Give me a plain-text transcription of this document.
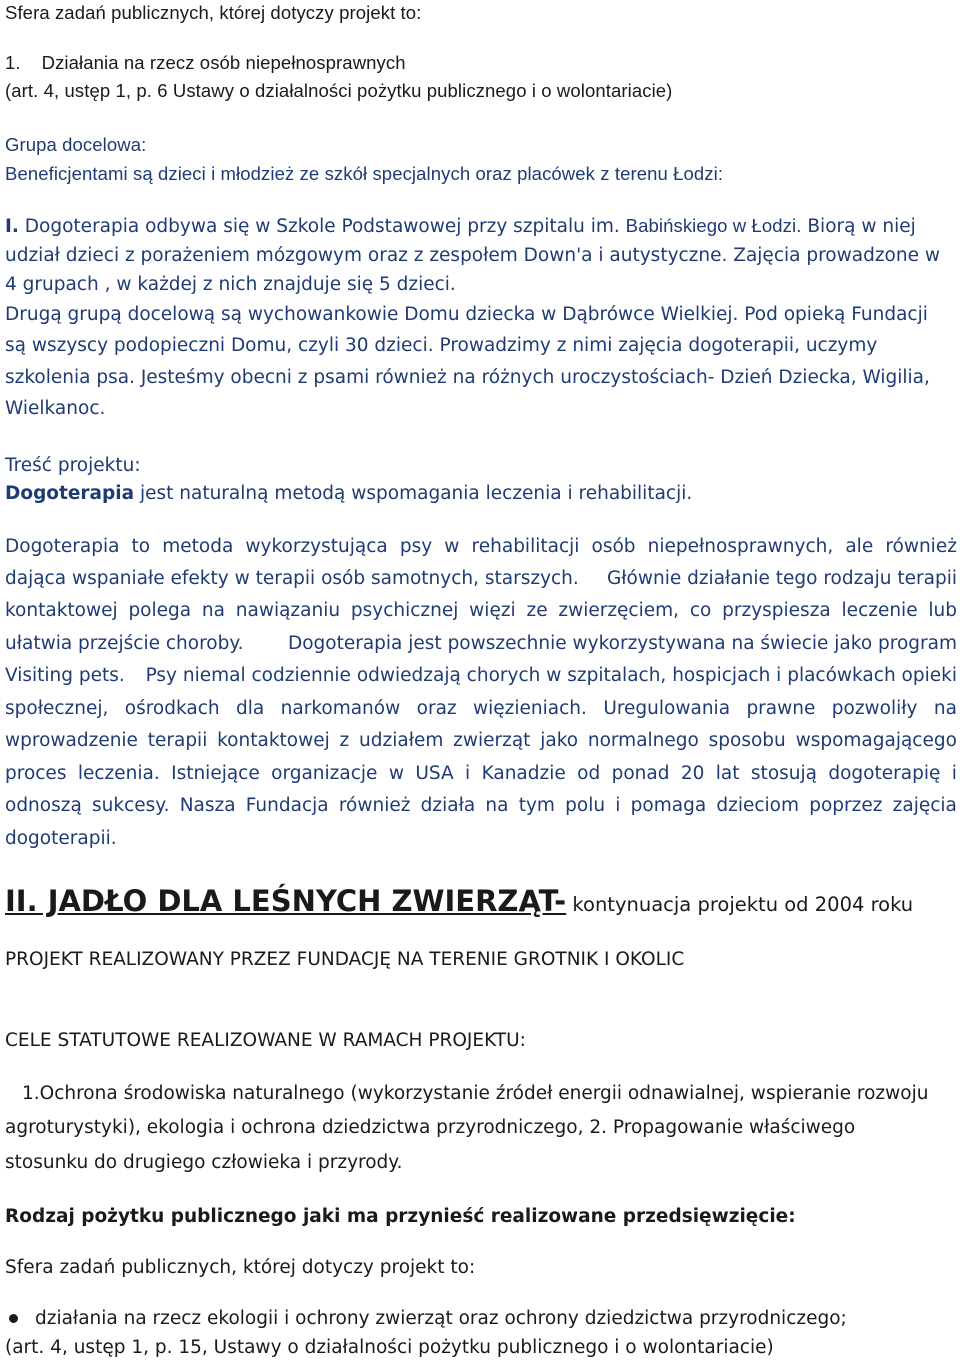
Sfera zadań publicznych, której dotyczy projekt to:
1. Działania na rzecz osób niepełnosprawnych
(art. 4, ustęp 1, p. 6 Ustawy o działalności pożytku publicznego i o wolontariacie)
Grupa docelowa:
Beneficjentami są dzieci i młodzież ze szkół specjalnych oraz placówek z terenu Łodzi:
I. Dogoterapia odbywa się w Szkole Podstawowej przy szpitalu im. Babińskiego w Łodzi. Biorą w niej
udział dzieci z porażeniem mózgowym oraz z zespołem Down'a i autystyczne. Zajęcia prowadzone w
4 grupach , w każdej z nich znajduje się 5 dzieci.
Drugą grupą docelową są wychowankowie Domu dziecka w Dąbrówce Wielkiej. Pod opieką Fundacji
są wszyscy podopieczni Domu, czyli 30 dzieci. Prowadzimy z nimi zajęcia dogoterapii, uczymy
szkolenia psa. Jesteśmy obecni z psami również na różnych uroczystościach- Dzień Dziecka, Wigilia,
Wielkanoc.
Treść projektu:
Dogoterapia jest naturalną metodą wspomagania leczenia i rehabilitacji.
Dogoterapia to metoda wykorzystująca psy w rehabilitacji osób niepełnosprawnych, ale również
dająca wspaniałe efekty w terapii osób samotnych, starszych. Głównie działanie tego rodzaju terapii
kontaktowej polega na nawiązaniu psychicznej więzi ze zwierzęciem, co przyspiesza leczenie lub
ułatwia przejście choroby. Dogoterapia jest powszechnie wykorzystywana na świecie jako program
Visiting pets. Psy niemal codziennie odwiedzają chorych w szpitalach, hospicjach i placówkach opieki
społecznej, ośrodkach dla narkomanów oraz więzieniach. Uregulowania prawne pozwoliły na
wprowadzenie terapii kontaktowej z udziałem zwierząt jako normalnego sposobu wspomagającego
proces leczenia. Istniejące organizacje w USA i Kanadzie od ponad 20 lat stosują dogoterapię i
odnoszą sukcesy. Nasza Fundacja również działa na tym polu i pomaga dzieciom poprzez zajęcia
dogoterapii.
II. JADŁO DLA LEŚNYCH ZWIERZĄT- kontynuacja projektu od 2004 roku
PROJEKT REALIZOWANY PRZEZ FUNDACJĘ NA TERENIE GROTNIK I OKOLIC
CELE STATUTOWE REALIZOWANE W RAMACH PROJEKTU:
1.Ochrona środowiska naturalnego (wykorzystanie źródeł energii odnawialnej, wspieranie rozwoju
agroturystyki), ekologia i ochrona dziedzictwa przyrodniczego, 2. Propagowanie właściwego
stosunku do drugiego człowieka i przyrody.
Rodzaj pożytku publicznego jaki ma przynieść realizowane przedsięwzięcie:
Sfera zadań publicznych, której dotyczy projekt to:
działania na rzecz ekologii i ochrony zwierząt oraz ochrony dziedzictwa przyrodniczego;
(art. 4, ustęp 1, p. 15, Ustawy o działalności pożytku publicznego i o wolontariacie)
